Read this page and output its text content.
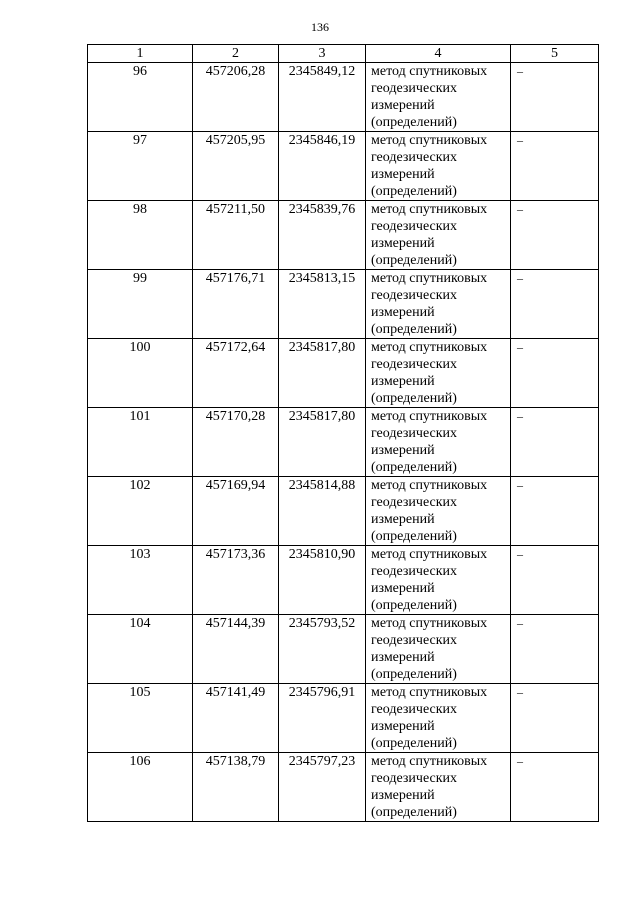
136
1	2	3	4	5
96	457206,28	2345849,12	метод спутниковых
геодезических
измерений
(определений)	–
97	457205,95	2345846,19	метод спутниковых
геодезических
измерений
(определений)	–
98	457211,50	2345839,76	метод спутниковых
геодезических
измерений
(определений)	–
99	457176,71	2345813,15	метод спутниковых
геодезических
измерений
(определений)	–
100	457172,64	2345817,80	метод спутниковых
геодезических
измерений
(определений)	–
101	457170,28	2345817,80	метод спутниковых
геодезических
измерений
(определений)	–
102	457169,94	2345814,88	метод спутниковых
геодезических
измерений
(определений)	–
103	457173,36	2345810,90	метод спутниковых
геодезических
измерений
(определений)	–
104	457144,39	2345793,52	метод спутниковых
геодезических
измерений
(определений)	–
105	457141,49	2345796,91	метод спутниковых
геодезических
измерений
(определений)	–
106	457138,79	2345797,23	метод спутниковых
геодезических
измерений
(определений)	–
